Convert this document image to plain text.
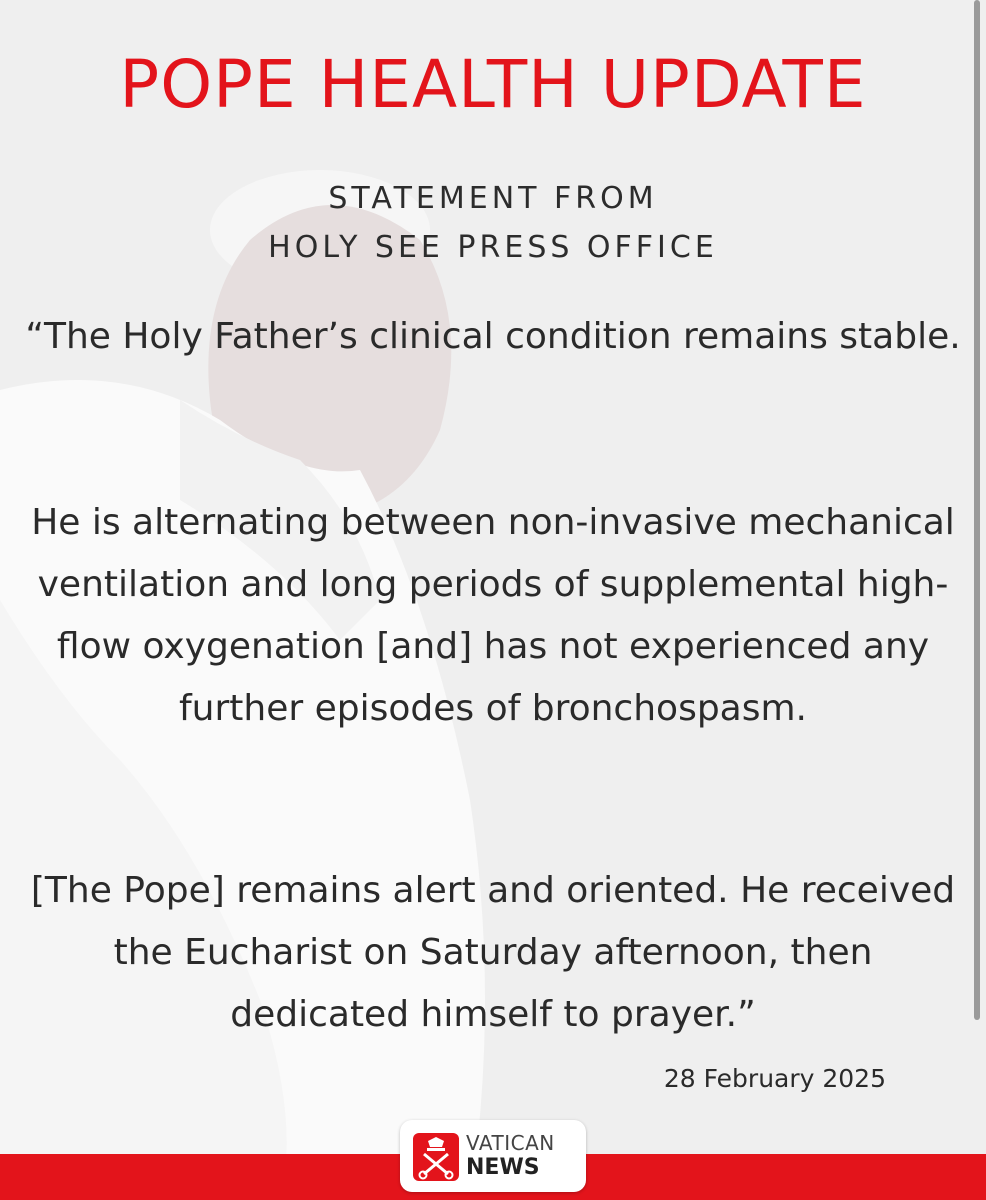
POPE HEALTH UPDATE
STATEMENT FROM
HOLY SEE PRESS OFFICE

“The Holy Father’s clinical condition remains stable.

He is alternating between non-invasive mechanical ventilation and long periods of supplemental high-flow oxygenation [and] has not experienced any further episodes of bronchospasm.

[The Pope] remains alert and oriented. He received the Eucharist on Saturday afternoon, then dedicated himself to prayer.”

28 February 2025
VATICAN
NEWS
